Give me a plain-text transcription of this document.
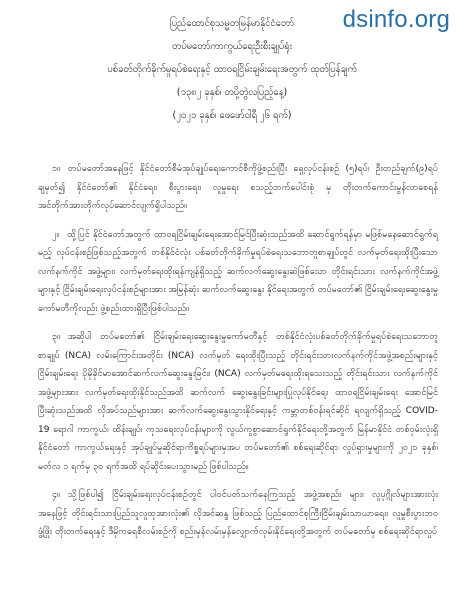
dsinfo.org
ပြည်ထောင်စုသမ္မတမြန်မာနိုင်ငံတော်
တပ်မတော်ကာကွယ်ရေးဦးစီးချုပ်ရုံး
ပစ်ခတ်တိုက်ခိုက်မှုရပ်စဲရေးနှင့် ထာဝရငြိမ်းချမ်းရေးအတွက် ထုတ်ပြန်ချက်
(၁၃၈၂ ခုနှစ်၊ တပို့တွဲလပြည့်နေ့)
(၂၀၂၁ ခုနှစ်၊ ဖေဖော်ဝါရီ ၂၆ ရက်)

၁။ တပ်မတော်အနေဖြင့် နိုင်ငံတော်စီမံအုပ်ချုပ်ရေးကောင်စီကိုဖွဲ့စည်းပြီး ရှေ့လုပ်ငန်းစဉ် (၅)ရပ်၊ ဦးတည်ချက်(၉)ရပ်ချမှတ်၍ နိုင်ငံတော်၏ နိုင်ငံရေး၊ စီးပွားရေး၊ လူမှုရေး စသည့်ဘက်ပေါင်းစုံ မှ တိုးတက်ကောင်းမွန်လာစေရန် အင်တိုက်အားတိုက်လုပ်ဆောင်လျက်ရှိပါသည်။

၂။ ထို့ပြင် နိုင်ငံတော်အတွက် ထာဝရငြိမ်းချမ်းရေးအောင်မြင်ပြီးဆုံးသည်အထိ ဆောင်ရွက်ရန်မှာ မဖြစ်မနေဆောင်ရွက်ရမည့် လုပ်ငန်းစဉ်ဖြစ်သည့်အတွက် တစ်နိုင်ငံလုံး ပစ်ခတ်တိုက်ခိုက်မှုရပ်စဲရေးသဘောတူစာချုပ်တွင် လက်မှတ်ရေးထိုးပြီးသော လက်နက်ကိုင် အဖွဲ့များ၊ လက်မှတ်ရေးထိုးရန်ကျန်ရှိသည့် ဆက်လက်ဆွေးနွေးဆဲဖြစ်သော တိုင်းရင်းသား လက်နက်ကိုင်အဖွဲ့များနှင့် ငြိမ်းချမ်းရေးလုပ်ငန်းစဉ်များအား အမြန်ဆုံး ဆက်လက်ဆွေးနွေး နိုင်ရေးအတွက် တပ်မတော်၏ ငြိမ်းချမ်းရေးဆွေးနွေးမှုကော်မတီကိုလည်း ဖွဲ့စည်းထားရှိပြီးဖြစ်ပါသည်။

၃။ အဆိုပါ တပ်မတော်၏ ငြိမ်းချမ်းရေးဆွေးနွေးမှုကော်မတီနှင့် တစ်နိုင်ငံလုံးပစ်ခတ်တိုက်ခိုက်မှုရပ်စဲရေးသဘောတူစာချုပ် (NCA) လမ်းကြောင်းအတိုင်း (NCA) လက်မှတ် ရေးထိုးပြီးသည့် တိုင်းရင်းသားလက်နက်ကိုင်အဖွဲ့အစည်းများနှင့် ငြိမ်းချမ်းရေး ပိုမိုခိုင်မာအောင်ဆက်လက်ဆွေးနွေးခြင်း၊ (NCA) လက်မှတ်မရေးထိုးရသေးသည့် တိုင်းရင်းသား လက်နက်ကိုင်အဖွဲ့များအား လက်မှတ်ရေးထိုးနိုင်သည်အထိ ဆက်လက် ဆွေးနွေးခြင်းများပြုလုပ်နိုင်ရေး ထာဝရငြိမ်းချမ်းရေး အောင်မြင်ပြီးဆုံးသည်အထိ လိုအပ်သည်များအား ဆက်လက်ဆွေးနွေးသွားနိုင်ရေးနှင့် ကမ္ဘာတစ်ဝန်းရင်ဆိုင် ရလျက်ရှိသည့် COVID- 19 ရောဂါ ကာကွယ်၊ ထိန်းချုပ်၊ ကုသရေးလုပ်ငန်းများကို လွယ်ကူစွာဆောင်ရွက်နိုင်ရေးတို့အတွက် မြန်မာနိုင်ငံ တစ်ဝှမ်းလုံးရှိ နိုင်ငံတော် ကာကွယ်ရေးနှင့် အုပ်ချုပ်မှုဆိုင်ရာကိစ္စရပ်များမှအပ တပ်မတော်၏ စစ်ရေးဆိုင်ရာ လှုပ်ရှားမှုများကို ၂၀၂၁ ခုနှစ်၊ မတ်လ ၁ ရက်မှ ၃၀ ရက်အထိ ရပ်ဆိုင်းပေးသွားမည် ဖြစ်ပါသည်။

၄။ သို့ဖြစ်ပါ၍ ငြိမ်းချမ်းရေးလုပ်ငန်းစဉ်တွင် ပါဝင်ပတ်သက်နေကြသည့် အဖွဲ့အစည်း များ၊ လူပုဂ္ဂိုလ်များအားလုံးအနေဖြင့် တိုင်းရင်းသားပြည်သူလူထုအားလုံး၏ လိုအင်ဆန္ဒ ဖြစ်သည့် ပြည်ထောင်စုကြီးငြိမ်းချမ်းသာယာရေး၊ လူမှုစီးပွားဘဝဖွံ့ဖြိုး တိုးတက်ရေးနှင့် ဒီမိုကရေစီလမ်းစဉ်ကို စည်းမှန်လမ်းမှန်လျှောက်လှမ်းနိုင်ရေးတို့အတွက် တပ်မတော်မှ စစ်ရေးဆိုင်ရာလှုပ်
